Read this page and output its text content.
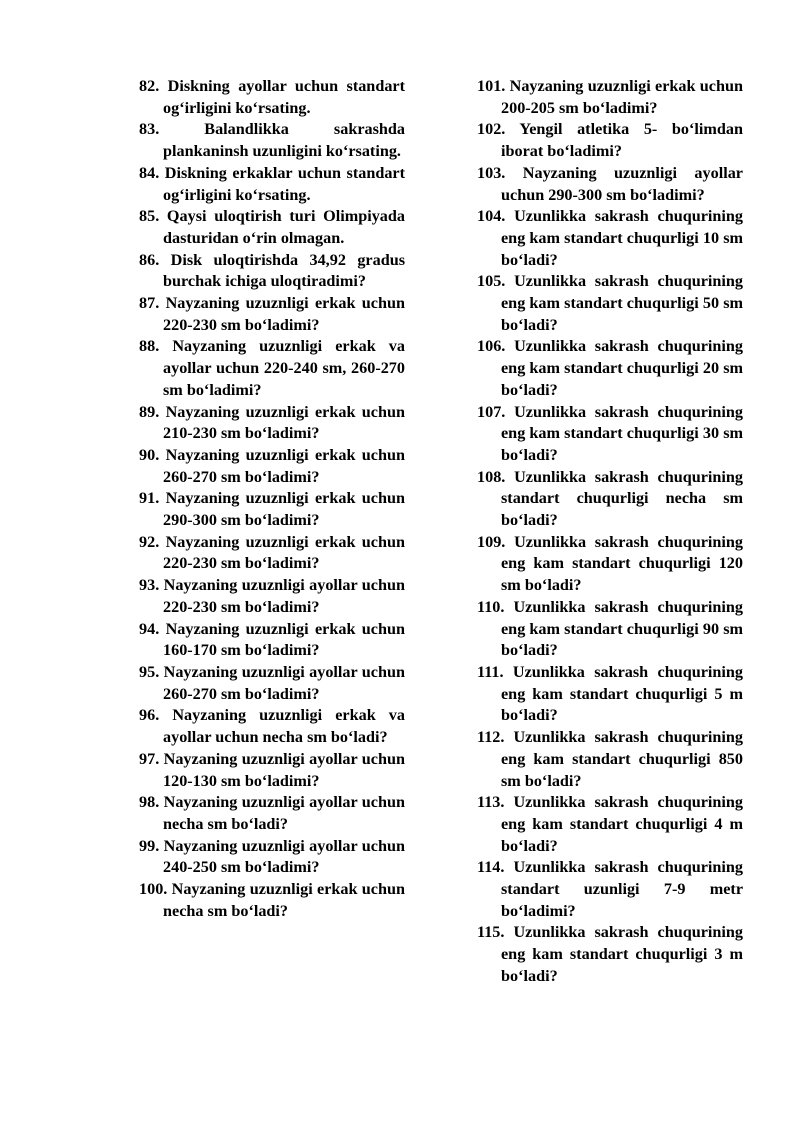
82. Diskning ayollar uchun standart og‘irligini ko‘rsating.

83. Balandlikka sakrashda plankaninsh uzunligini ko‘rsating.

84. Diskning erkaklar uchun standart og‘irligini ko‘rsating.

85. Qaysi uloqtirish turi Olimpiyada dasturidan o‘rin olmagan.

86. Disk uloqtirishda 34,92 gradus burchak ichiga uloqtiradimi?

87. Nayzaning uzuznligi erkak uchun 220-230 sm bo‘ladimi?

88. Nayzaning uzuznligi erkak va ayollar uchun 220-240 sm, 260-270 sm bo‘ladimi?

89. Nayzaning uzuznligi erkak uchun 210-230 sm bo‘ladimi?

90. Nayzaning uzuznligi erkak uchun 260-270 sm bo‘ladimi?

91. Nayzaning uzuznligi erkak uchun 290-300 sm bo‘ladimi?

92. Nayzaning uzuznligi erkak uchun 220-230 sm bo‘ladimi?

93. Nayzaning uzuznligi ayollar uchun 220-230 sm bo‘ladimi?

94. Nayzaning uzuznligi erkak uchun 160-170 sm bo‘ladimi?

95. Nayzaning uzuznligi ayollar uchun 260-270 sm bo‘ladimi?

96. Nayzaning uzuznligi erkak va ayollar uchun necha sm bo‘ladi?

97. Nayzaning uzuznligi ayollar uchun 120-130 sm bo‘ladimi?

98. Nayzaning uzuznligi ayollar uchun necha sm bo‘ladi?

99. Nayzaning uzuznligi ayollar uchun 240-250 sm bo‘ladimi?

100. Nayzaning uzuznligi erkak uchun necha sm bo‘ladi?

101. Nayzaning uzuznligi erkak uchun 200-205 sm bo‘ladimi?

102. Yengil atletika 5- bo‘limdan iborat bo‘ladimi?

103. Nayzaning uzuznligi ayollar uchun 290-300 sm bo‘ladimi?

104. Uzunlikka sakrash chuqurining eng kam standart chuqurligi 10 sm bo‘ladi?

105. Uzunlikka sakrash chuqurining eng kam standart chuqurligi 50 sm bo‘ladi?

106. Uzunlikka sakrash chuqurining eng kam standart chuqurligi 20 sm bo‘ladi?

107. Uzunlikka sakrash chuqurining eng kam standart chuqurligi 30 sm bo‘ladi?

108. Uzunlikka sakrash chuqurining standart chuqurligi necha sm bo‘ladi?

109. Uzunlikka sakrash chuqurining eng kam standart chuqurligi 120 sm bo‘ladi?

110. Uzunlikka sakrash chuqurining eng kam standart chuqurligi 90 sm bo‘ladi?

111. Uzunlikka sakrash chuqurining eng kam standart chuqurligi 5 m bo‘ladi?

112. Uzunlikka sakrash chuqurining eng kam standart chuqurligi 850 sm bo‘ladi?

113. Uzunlikka sakrash chuqurining eng kam standart chuqurligi 4 m bo‘ladi?

114. Uzunlikka sakrash chuqurining standart uzunligi 7-9 metr bo‘ladimi?

115. Uzunlikka sakrash chuqurining eng kam standart chuqurligi 3 m bo‘ladi?
